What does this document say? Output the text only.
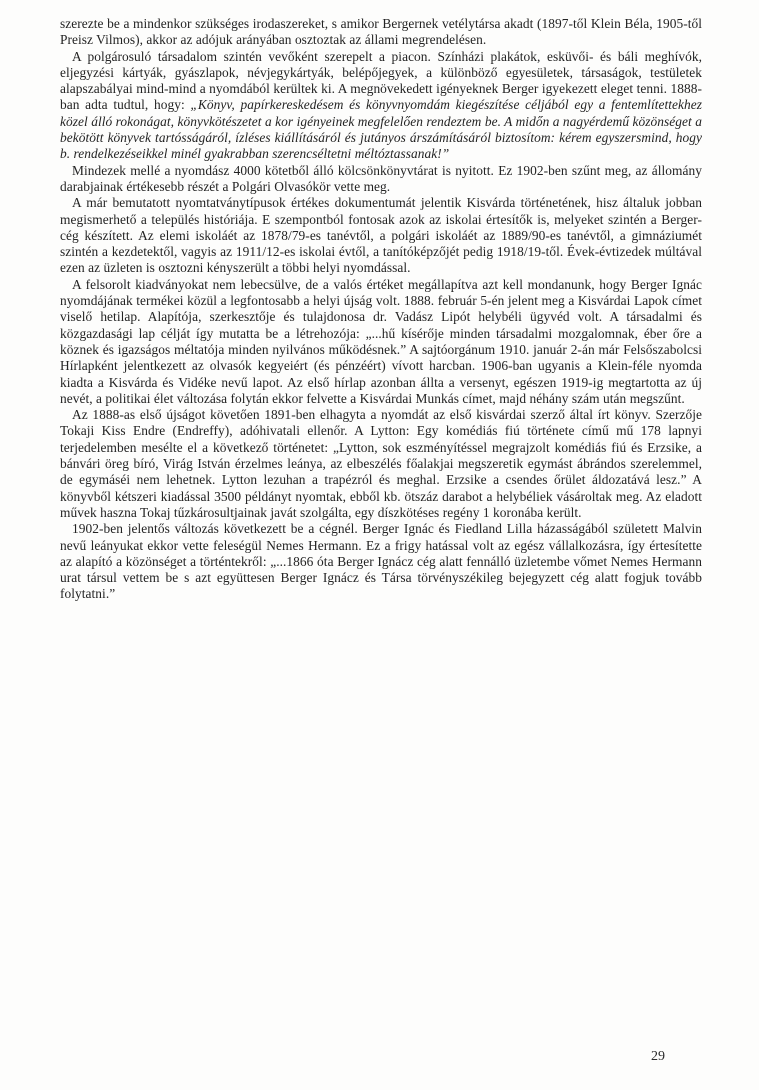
szerezte be a mindenkor szükséges irodaszereket, s amikor Bergernek vetélytársa akadt (1897-től Klein Béla, 1905-től Preisz Vilmos), akkor az adójuk arányában osztoztak az állami megrendelésen.

A polgárosuló társadalom szintén vevőként szerepelt a piacon. Színházi plakátok, esküvői- és báli meghívók, eljegyzési kártyák, gyászlapok, névjegykártyák, belépőjegyek, a különböző egyesületek, társaságok, testületek alapszabályai mind-mind a nyomdából kerültek ki. A megnövekedett igényeknek Berger igyekezett eleget tenni. 1888-ban adta tudtul, hogy: „Könyv, papírkereskedésem és könyvnyomdám kiegészítése céljából egy a fentemlítettekhez közel álló rokonágat, könyvkötészetet a kor igényeinek megfelelően rendeztem be. A midőn a nagyérdemű közönséget a bekötött könyvek tartósságáról, ízléses kiállításáról és jutányos árszámításáról biztosítom: kérem egyszersmind, hogy b. rendelkezéseikkel minél gyakrabban szerencséltetni méltóztassanak!”

Mindezek mellé a nyomdász 4000 kötetből álló kölcsönkönyvtárat is nyitott. Ez 1902-ben szűnt meg, az állomány darabjainak értékesebb részét a Polgári Olvasókör vette meg.

A már bemutatott nyomtatványtípusok értékes dokumentumát jelentik Kisvárda történetének, hisz általuk jobban megismerhető a település históriája. E szempontból fontosak azok az iskolai értesítők is, melyeket szintén a Berger-cég készített. Az elemi iskoláét az 1878/79-es tanévtől, a polgári iskoláét az 1889/90-es tanévtől, a gimnáziumét szintén a kezdetektől, vagyis az 1911/12-es iskolai évtől, a tanítóképzőjét pedig 1918/19-től. Évek-évtizedek múltával ezen az üzleten is osztozni kényszerült a többi helyi nyomdással.

A felsorolt kiadványokat nem lebecsülve, de a valós értéket megállapítva azt kell mondanunk, hogy Berger Ignác nyomdájának termékei közül a legfontosabb a helyi újság volt. 1888. február 5-én jelent meg a Kisvárdai Lapok címet viselő hetilap. Alapítója, szerkesztője és tulajdonosa dr. Vadász Lipót helybéli ügyvéd volt. A társadalmi és közgazdasági lap célját így mutatta be a létrehozója: „...hű kísérője minden társadalmi mozgalomnak, éber őre a köznek és igazságos méltatója minden nyilvános működésnek.” A sajtóorgánum 1910. január 2-án már Felsőszabolcsi Hírlapként jelentkezett az olvasók kegyeiért (és pénzéért) vívott harcban. 1906-ban ugyanis a Klein-féle nyomda kiadta a Kisvárda és Vidéke nevű lapot. Az első hírlap azonban állta a versenyt, egészen 1919-ig megtartotta az új nevét, a politikai élet változása folytán ekkor felvette a Kisvárdai Munkás címet, majd néhány szám után megszűnt.

Az 1888-as első újságot követően 1891-ben elhagyta a nyomdát az első kisvárdai szerző által írt könyv. Szerzője Tokaji Kiss Endre (Endreffy), adóhivatali ellenőr. A Lytton: Egy komédiás fiú története című mű 178 lapnyi terjedelemben mesélte el a következő történetet: „Lytton, sok eszményítéssel megrajzolt komédiás fiú és Erzsike, a bánvári öreg bíró, Virág István érzelmes leánya, az elbeszélés főalakjai megszeretik egymást ábrándos szerelemmel, de egymáséi nem lehetnek. Lytton lezuhan a trapézról és meghal. Erzsike a csendes őrület áldozatává lesz.” A könyvből kétszeri kiadással 3500 példányt nyomtak, ebből kb. ötszáz darabot a helybéliek vásároltak meg. Az eladott művek haszna Tokaj tűzkárosultjainak javát szolgálta, egy díszkötéses regény 1 koronába került.

1902-ben jelentős változás következett be a cégnél. Berger Ignác és Fiedland Lilla házasságából született Malvin nevű leányukat ekkor vette feleségül Nemes Hermann. Ez a frigy hatással volt az egész vállalkozásra, így értesítette az alapító a közönséget a történtekről: „...1866 óta Berger Ignácz cég alatt fennálló üzletembe vőmet Nemes Hermann urat társul vettem be s azt együttesen Berger Ignácz és Társa törvényszékileg bejegyzett cég alatt fogjuk tovább folytatni.”

29
